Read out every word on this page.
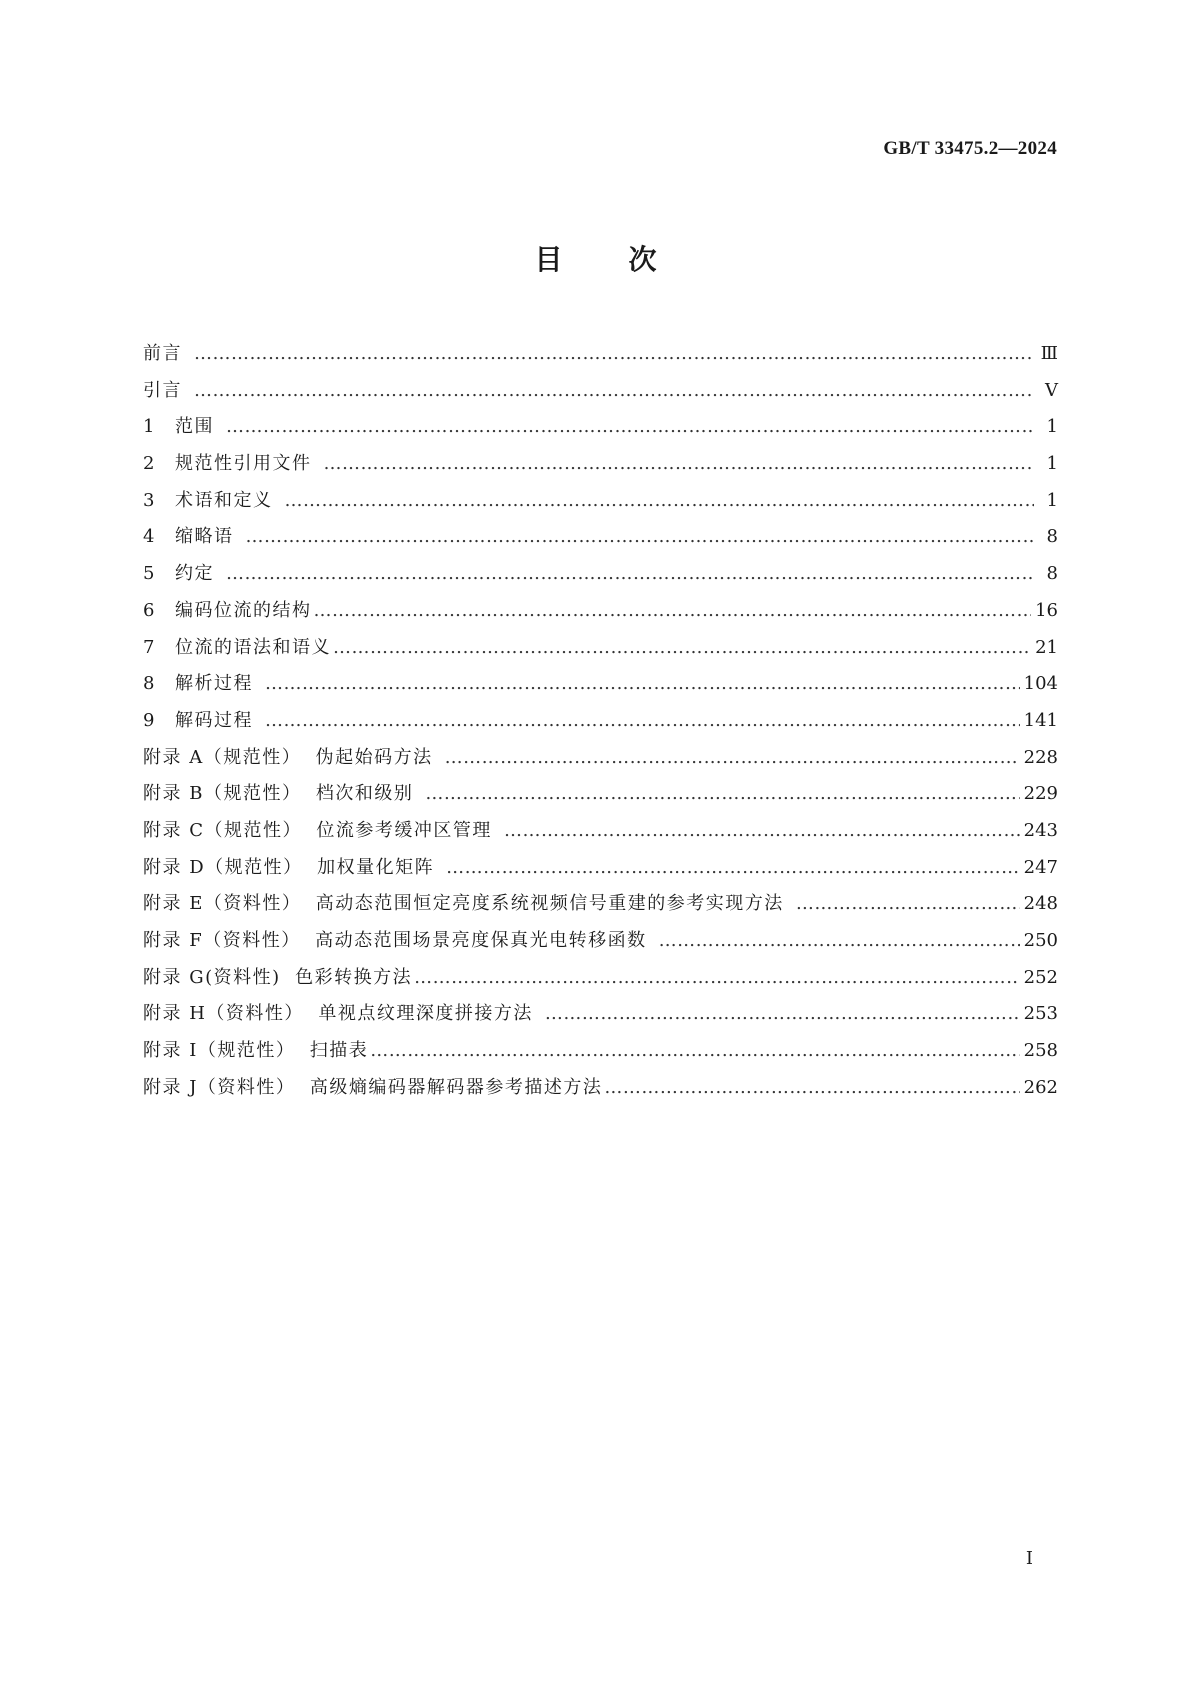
GB/T 33475.2—2024
目次
前言 ……………………………………………………………………………………………………………………………………………………………………………………………………………………………	Ⅲ
引言 ……………………………………………………………………………………………………………………………………………………………………………………………………………………………	Ⅴ
1	范围 ……………………………………………………………………………………………………………………………………………………………………………………………………………………………	1
2	规范性引用文件 ……………………………………………………………………………………………………………………………………………………………………………………………………………………………	1
3	术语和定义 ……………………………………………………………………………………………………………………………………………………………………………………………………………………………	1
4	缩略语 ……………………………………………………………………………………………………………………………………………………………………………………………………………………………	8
5	约定 ……………………………………………………………………………………………………………………………………………………………………………………………………………………………	8
6	编码位流的结构 ……………………………………………………………………………………………………………………………………………………………………………………………………………………………	16
7	位流的语法和语义 ……………………………………………………………………………………………………………………………………………………………………………………………………………………………	21
8	解析过程 ……………………………………………………………………………………………………………………………………………………………………………………………………………………………	104
9	解码过程 ……………………………………………………………………………………………………………………………………………………………………………………………………………………………	141
附录 A（规范性）  伪起始码方法 ……………………………………………………………………………………………………………………………………………………………………………………………………………………………	228
附录 B（规范性）  档次和级别 ……………………………………………………………………………………………………………………………………………………………………………………………………………………………	229
附录 C（规范性）  位流参考缓冲区管理 ……………………………………………………………………………………………………………………………………………………………………………………………………………………………	243
附录 D（规范性）  加权量化矩阵 ……………………………………………………………………………………………………………………………………………………………………………………………………………………………	247
附录 E（资料性）  高动态范围恒定亮度系统视频信号重建的参考实现方法 ……………………………………………………………………………………………………………………………………………………………………………………………………………………………	248
附录 F（资料性）  高动态范围场景亮度保真光电转移函数 ……………………………………………………………………………………………………………………………………………………………………………………………………………………………	250
附录 G(资料性)  色彩转换方法 ……………………………………………………………………………………………………………………………………………………………………………………………………………………………	252
附录 H（资料性）  单视点纹理深度拼接方法 ……………………………………………………………………………………………………………………………………………………………………………………………………………………………	253
附录 I（规范性）  扫描表 ……………………………………………………………………………………………………………………………………………………………………………………………………………………………	258
附录 J（资料性）  高级熵编码器解码器参考描述方法 ……………………………………………………………………………………………………………………………………………………………………………………………………………………………	262
I
